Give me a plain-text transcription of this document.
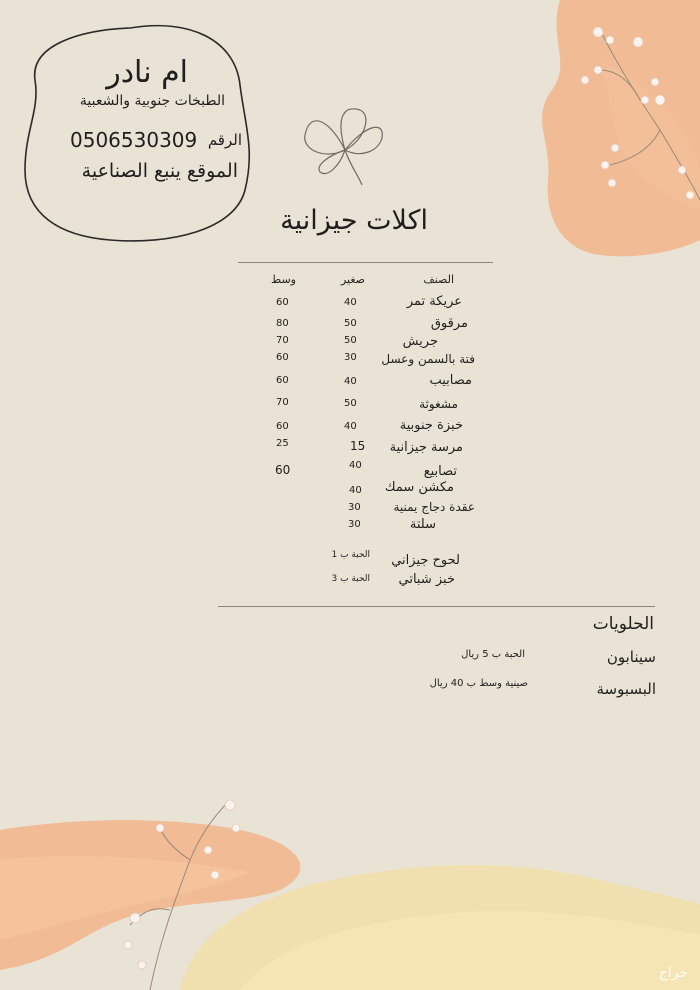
ام نادر
الطبخات جنوبية والشعبية
الرقم
0506530309
الموقع ينبع الصناعية
اكلات جيزانية
الصنف
صغير
وسط
عريكة تمر
40
60
مرقوق
50
80
جريش
50
70
فتة بالسمن وعسل
30
60
مصابيب
40
60
مشغوثة
50
70
خبزة جنوبية
40
60
مرسة جيزانية
15
25
تصابيع
40
60
مكشن سمك
40
عقدة دجاج يمنية
30
سلتة
30
لحوح جيزاني
الحبة ب 1
خبز شباتي
الحبة ب 3
الحلويات
سينابون
الحبة ب 5 ريال
البسبوسة
صينية وسط ب 40 ريال
حراج
